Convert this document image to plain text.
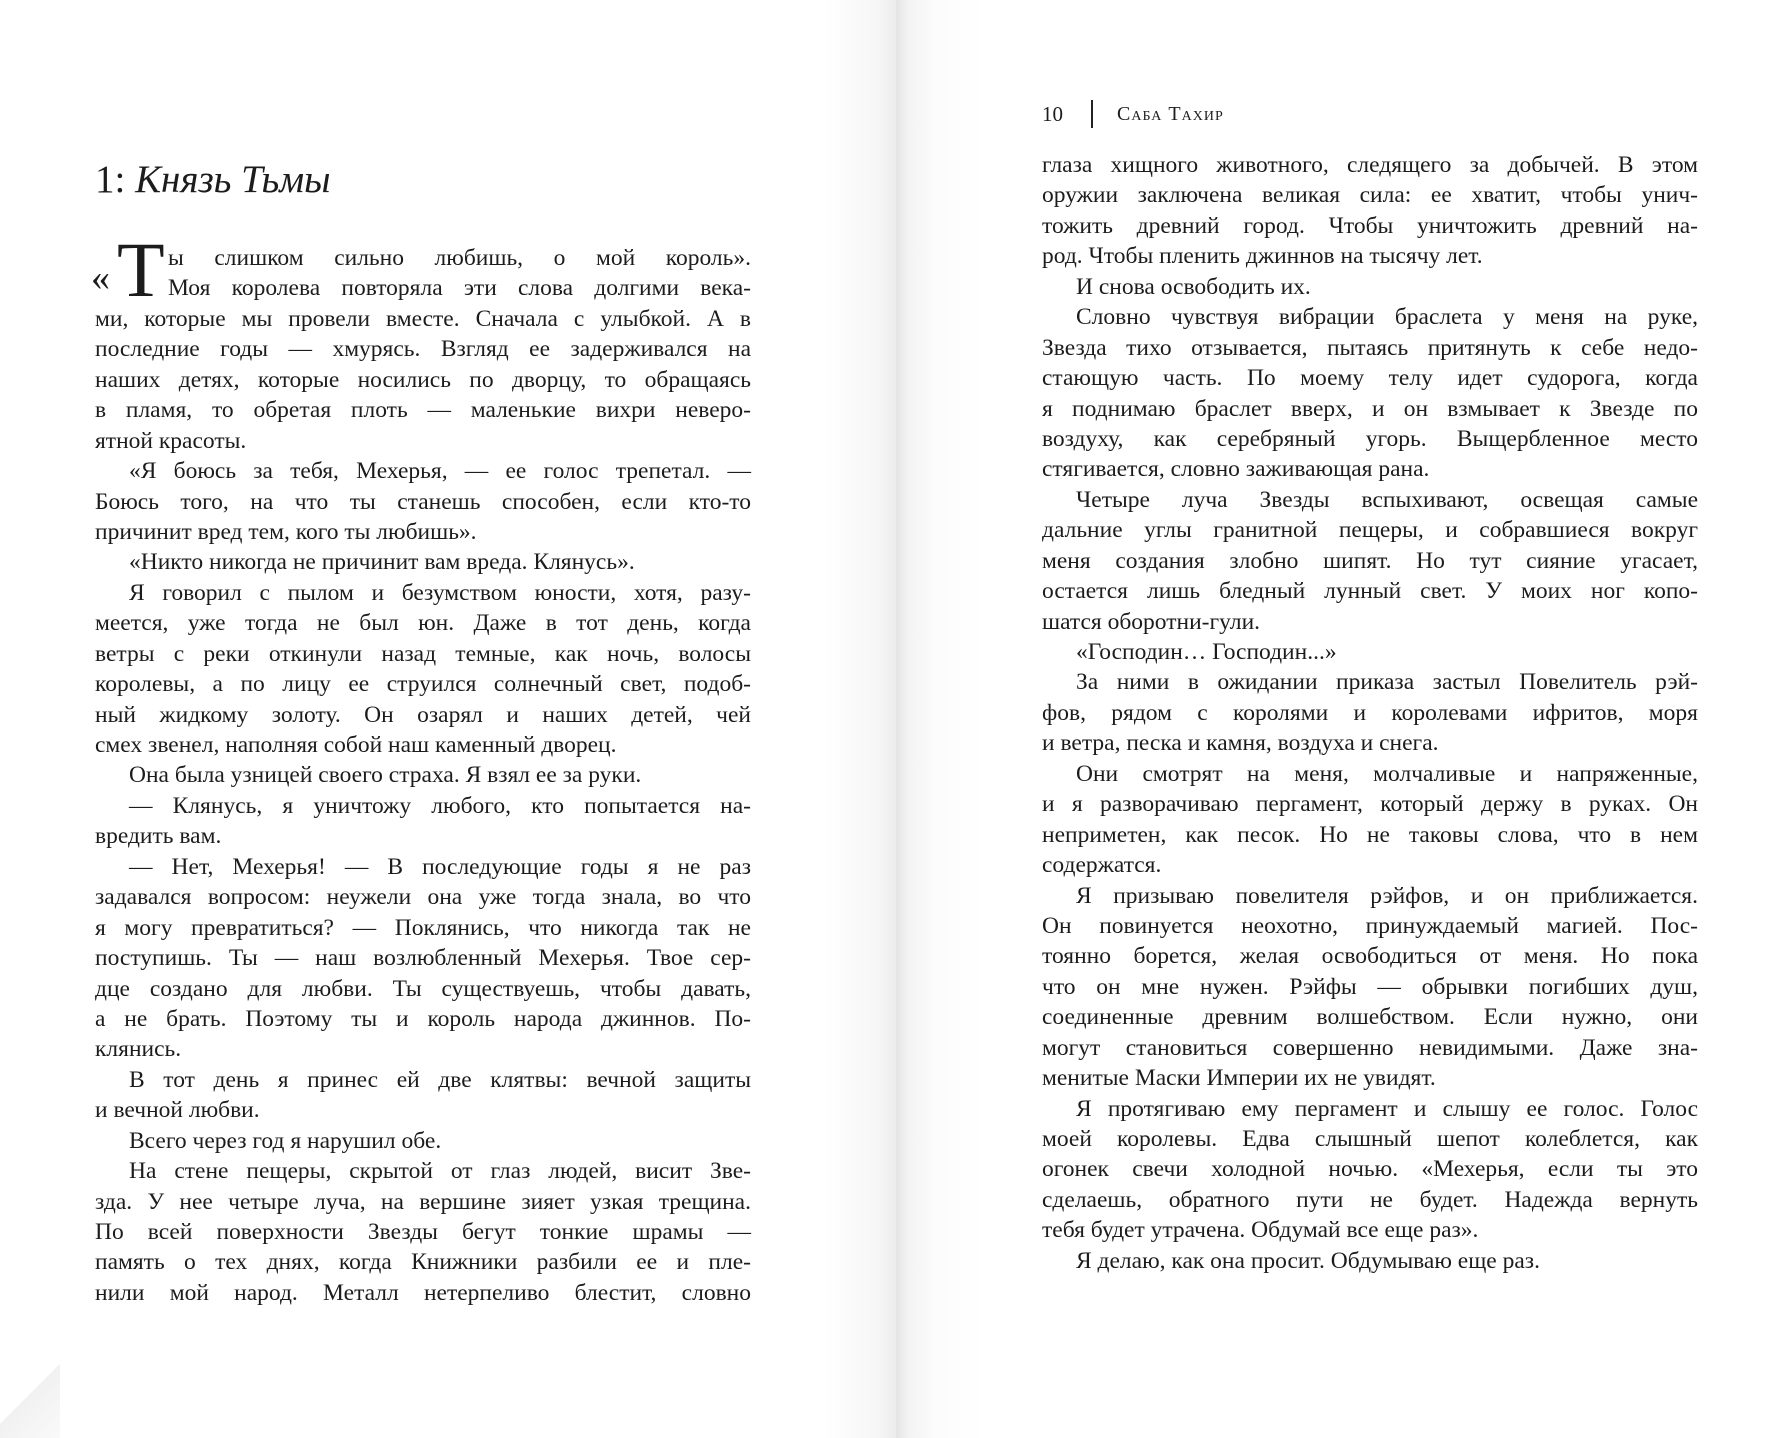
1: Князь Тьмы
« Т ы слишком сильно любишь, о мой король».
Моя королева повторяла эти слова долгими века-
ми, которые мы провели вместе. Сначала с улыбкой. А в
последние годы — хмурясь. Взгляд ее задерживался на
наших детях, которые носились по дворцу, то обращаясь
в пламя, то обретая плоть — маленькие вихри неверо-
ятной красоты.
«Я боюсь за тебя, Мехерья, — ее голос трепетал. —
Боюсь того, на что ты станешь способен, если кто-то
причинит вред тем, кого ты любишь».
«Никто никогда не причинит вам вреда. Клянусь».
Я говорил с пылом и безумством юности, хотя, разу-
меется, уже тогда не был юн. Даже в тот день, когда
ветры с реки откинули назад темные, как ночь, волосы
королевы, а по лицу ее струился солнечный свет, подоб-
ный жидкому золоту. Он озарял и наших детей, чей
смех звенел, наполняя собой наш каменный дворец.
Она была узницей своего страха. Я взял ее за руки.
— Клянусь, я уничтожу любого, кто попытается на-
вредить вам.
— Нет, Мехерья! — В последующие годы я не раз
задавался вопросом: неужели она уже тогда знала, во что
я могу превратиться? — Поклянись, что никогда так не
поступишь. Ты — наш возлюбленный Мехерья. Твое сер-
дце создано для любви. Ты существуешь, чтобы давать,
а не брать. Поэтому ты и король народа джиннов. По-
клянись.
В тот день я принес ей две клятвы: вечной защиты
и вечной любви.
Всего через год я нарушил обе.
На стене пещеры, скрытой от глаз людей, висит Зве-
зда. У нее четыре луча, на вершине зияет узкая трещина.
По всей поверхности Звезды бегут тонкие шрамы —
память о тех днях, когда Книжники разбили ее и пле-
нили мой народ. Металл нетерпеливо блестит, словно
10	Саба Тахир
глаза хищного животного, следящего за добычей. В этом
оружии заключена великая сила: ее хватит, чтобы унич-
тожить древний город. Чтобы уничтожить древний на-
род. Чтобы пленить джиннов на тысячу лет.
И снова освободить их.
Словно чувствуя вибрации браслета у меня на руке,
Звезда тихо отзывается, пытаясь притянуть к себе недо-
стающую часть. По моему телу идет судорога, когда
я поднимаю браслет вверх, и он взмывает к Звезде по
воздуху, как серебряный угорь. Выщербленное место
стягивается, словно заживающая рана.
Четыре луча Звезды вспыхивают, освещая самые
дальние углы гранитной пещеры, и собравшиеся вокруг
меня создания злобно шипят. Но тут сияние угасает,
остается лишь бледный лунный свет. У моих ног копо-
шатся оборотни-гули.
«Господин… Господин...»
За ними в ожидании приказа застыл Повелитель рэй-
фов, рядом с королями и королевами ифритов, моря
и ветра, песка и камня, воздуха и снега.
Они смотрят на меня, молчаливые и напряженные,
и я разворачиваю пергамент, который держу в руках. Он
неприметен, как песок. Но не таковы слова, что в нем
содержатся.
Я призываю повелителя рэйфов, и он приближается.
Он повинуется неохотно, принуждаемый магией. Пос-
тоянно борется, желая освободиться от меня. Но пока
что он мне нужен. Рэйфы — обрывки погибших душ,
соединенные древним волшебством. Если нужно, они
могут становиться совершенно невидимыми. Даже зна-
менитые Маски Империи их не увидят.
Я протягиваю ему пергамент и слышу ее голос. Голос
моей королевы. Едва слышный шепот колеблется, как
огонек свечи холодной ночью. «Мехерья, если ты это
сделаешь, обратного пути не будет. Надежда вернуть
тебя будет утрачена. Обдумай все еще раз».
Я делаю, как она просит. Обдумываю еще раз.
